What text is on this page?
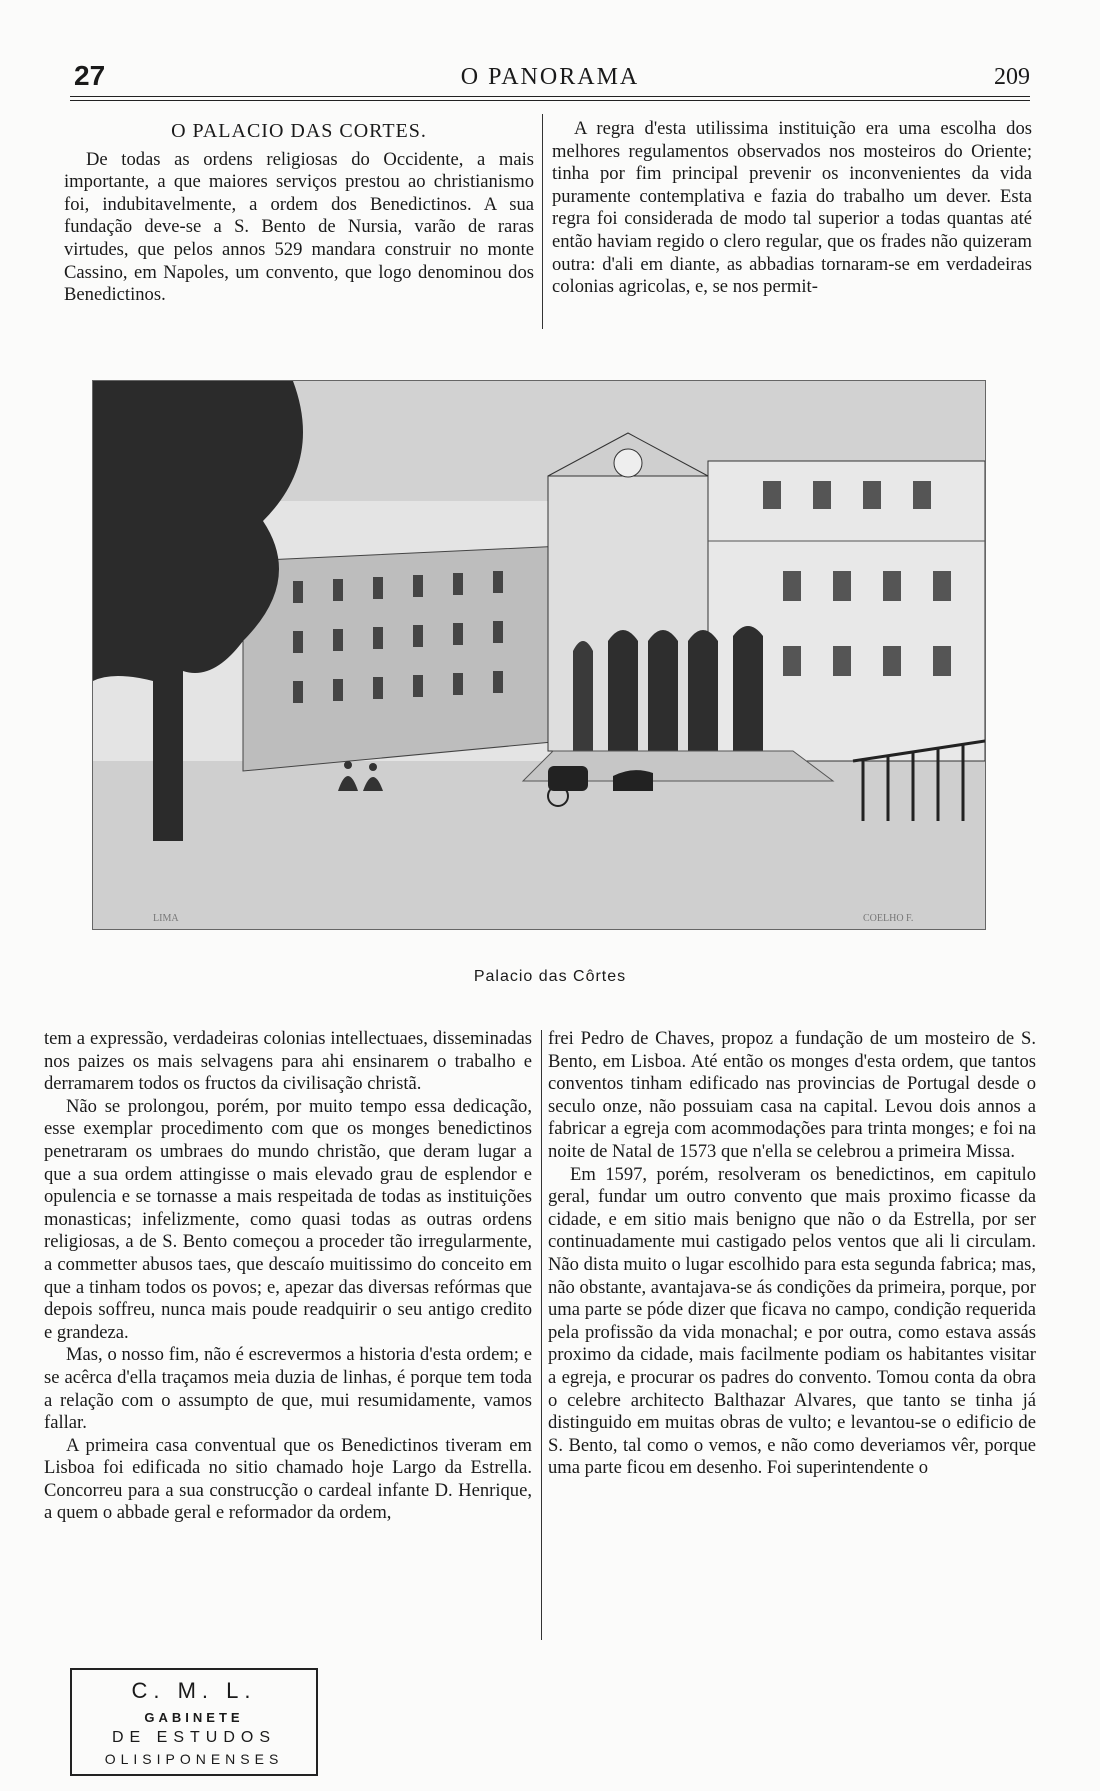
27	O PANORAMA	209

O PALACIO DAS CORTES.

De todas as ordens religiosas do Occidente, a mais importante, a que maiores serviços prestou ao christianismo foi, indubitavelmente, a ordem dos Benedictinos. A sua fundação deve-se a S. Bento de Nursia, varão de raras virtudes, que pelos annos 529 mandara construir no monte Cassino, em Napoles, um convento, que logo denominou dos Benedictinos.

A regra d'esta utilissima instituição era uma escolha dos melhores regulamentos observados nos mosteiros do Oriente; tinha por fim principal prevenir os inconvenientes da vida puramente contemplativa e fazia do trabalho um dever. Esta regra foi considerada de modo tal superior a todas quantas até então haviam regido o clero regular, que os frades não quizeram outra: d'ali em diante, as abbadias tornaram-se em verdadeiras colonias agricolas, e, se nos permit-

LIMA	COELHO F.
Palacio das Côrtes

tem a expressão, verdadeiras colonias intellectuaes, disseminadas nos paizes os mais selvagens para ahi ensinarem o trabalho e derramarem todos os fructos da civilisação christã.

Não se prolongou, porém, por muito tempo essa dedicação, esse exemplar procedimento com que os monges benedictinos penetraram os umbraes do mundo christão, que deram lugar a que a sua ordem attingisse o mais elevado grau de esplendor e opulencia e se tornasse a mais respeitada de todas as instituições monasticas; infelizmente, como quasi todas as outras ordens religiosas, a de S. Bento começou a proceder tão irregularmente, a commetter abusos taes, que descaío muitissimo do conceito em que a tinham todos os povos; e, apezar das diversas refórmas que depois soffreu, nunca mais poude readquirir o seu antigo credito e grandeza.

Mas, o nosso fim, não é escrevermos a historia d'esta ordem; e se acêrca d'ella traçamos meia duzia de linhas, é porque tem toda a relação com o assumpto de que, mui resumidamente, vamos fallar.

A primeira casa conventual que os Benedictinos tiveram em Lisboa foi edificada no sitio chamado hoje Largo da Estrella. Concorreu para a sua construcção o cardeal infante D. Henrique, a quem o abbade geral e reformador da ordem,

frei Pedro de Chaves, propoz a fundação de um mosteiro de S. Bento, em Lisboa. Até então os monges d'esta ordem, que tantos conventos tinham edificado nas provincias de Portugal desde o seculo onze, não possuiam casa na capital. Levou dois annos a fabricar a egreja com acommodações para trinta monges; e foi na noite de Natal de 1573 que n'ella se celebrou a primeira Missa.

Em 1597, porém, resolveram os benedictinos, em capitulo geral, fundar um outro convento que mais proximo ficasse da cidade, e em sitio mais benigno que não o da Estrella, por ser continuadamente mui castigado pelos ventos que ali li circulam. Não dista muito o lugar escolhido para esta segunda fabrica; mas, não obstante, avantajava-se ás condições da primeira, porque, por uma parte se póde dizer que ficava no campo, condição requerida pela profissão da vida monachal; e por outra, como estava assás proximo da cidade, mais facilmente podiam os habitantes visitar a egreja, e procurar os padres do convento. Tomou conta da obra o celebre architecto Balthazar Alvares, que tanto se tinha já distinguido em muitas obras de vulto; e levantou-se o edificio de S. Bento, tal como o vemos, e não como deveriamos vêr, porque uma parte ficou em desenho. Foi superintendente o

C. M. L.
GABINETE
DE ESTUDOS
OLISIPONENSES
